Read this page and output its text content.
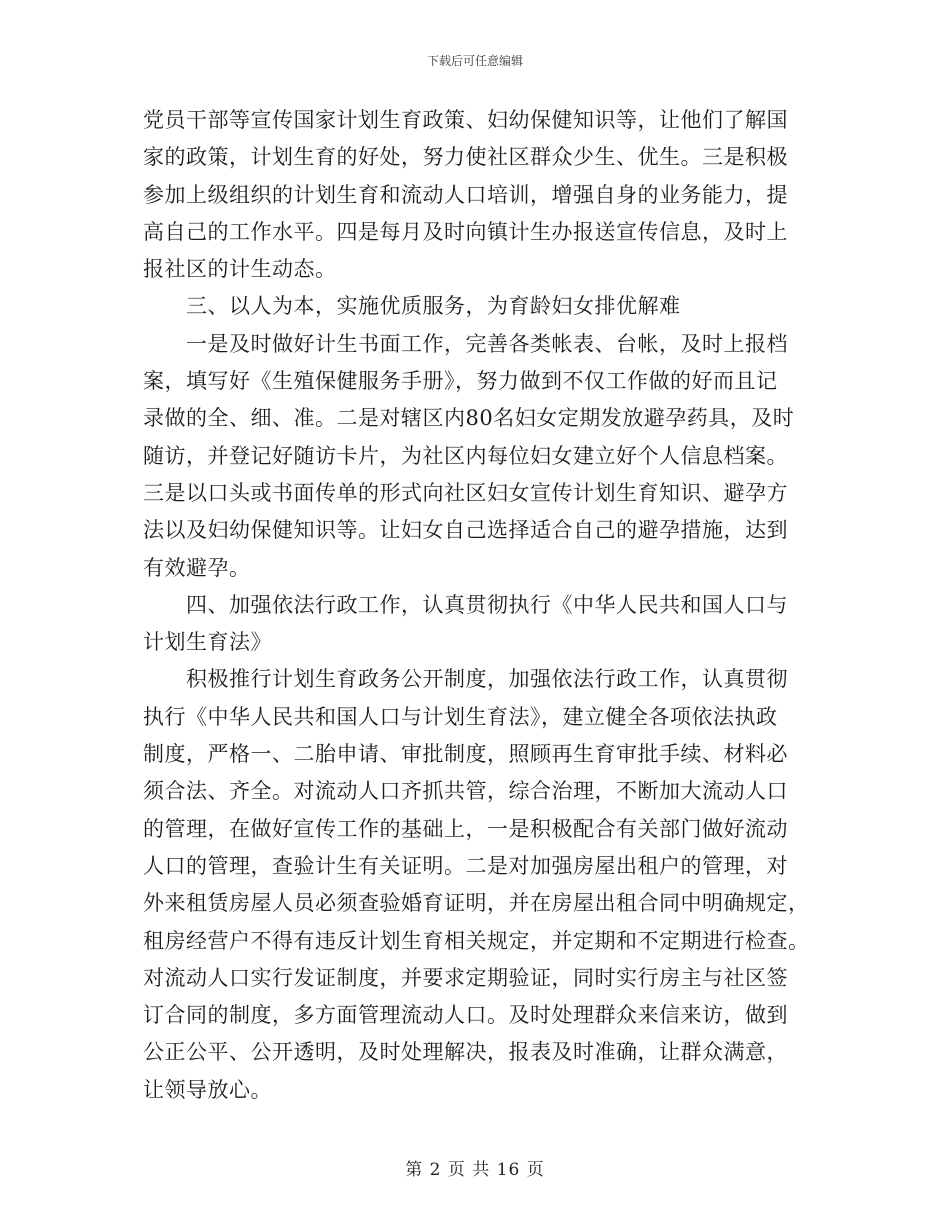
下载后可任意编辑
党员干部等宣传国家计划生育政策、妇幼保健知识等，让他们了解国
家的政策，计划生育的好处，努力使社区群众少生、优生。三是积极
参加上级组织的计划生育和流动人口培训，增强自身的业务能力，提
高自己的工作水平。四是每月及时向镇计生办报送宣传信息，及时上
报社区的计生动态。
三、以人为本，实施优质服务，为育龄妇女排优解难
一是及时做好计生书面工作，完善各类帐表、台帐，及时上报档
案，填写好《生殖保健服务手册》，努力做到不仅工作做的好而且记
录做的全、细、准。二是对辖区内80名妇女定期发放避孕药具，及时
随访，并登记好随访卡片，为社区内每位妇女建立好个人信息档案。
三是以口头或书面传单的形式向社区妇女宣传计划生育知识、避孕方
法以及妇幼保健知识等。让妇女自己选择适合自己的避孕措施，达到
有效避孕。
四、加强依法行政工作，认真贯彻执行《中华人民共和国人口与
计划生育法》
积极推行计划生育政务公开制度，加强依法行政工作，认真贯彻
执行《中华人民共和国人口与计划生育法》，建立健全各项依法执政
制度，严格一、二胎申请、审批制度，照顾再生育审批手续、材料必
须合法、齐全。对流动人口齐抓共管，综合治理，不断加大流动人口
的管理，在做好宣传工作的基础上，一是积极配合有关部门做好流动
人口的管理，查验计生有关证明。二是对加强房屋出租户的管理，对
外来租赁房屋人员必须查验婚育证明，并在房屋出租合同中明确规定，
租房经营户不得有违反计划生育相关规定，并定期和不定期进行检查。
对流动人口实行发证制度，并要求定期验证，同时实行房主与社区签
订合同的制度，多方面管理流动人口。及时处理群众来信来访，做到
公正公平、公开透明，及时处理解决，报表及时准确，让群众满意，
让领导放心。
第 2 页 共 16 页
